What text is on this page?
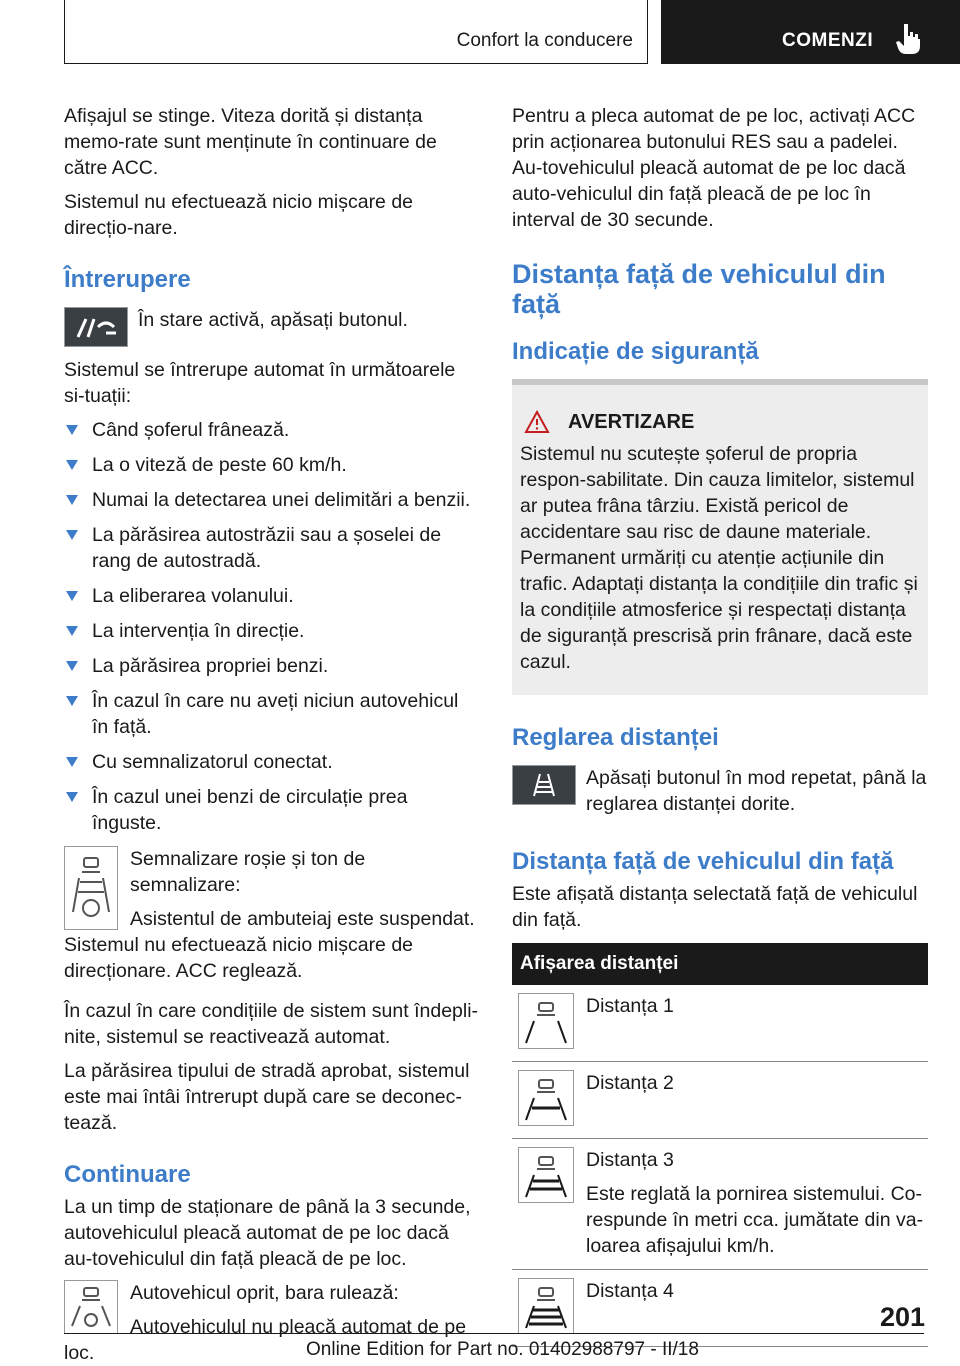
Confort la conducere	COMENZI

Afișajul se stinge. Viteza dorită și distanța memo-rate sunt menținute în continuare de către ACC.

Sistemul nu efectuează nicio mișcare de direcțio-nare.

Întrerupere
În stare activă, apăsați butonul.

Sistemul se întrerupe automat în următoarele si-tuații:

Când șoferul frânează.
La o viteză de peste 60 km/h.
Numai la detectarea unei delimitări a benzii.
La părăsirea autostrăzii sau a șoselei de rang de autostradă.
La eliberarea volanului.
La intervenția în direcție.
La părăsirea propriei benzi.
În cazul în care nu aveți niciun autovehicul în față.
Cu semnalizatorul conectat.
În cazul unei benzi de circulație prea înguste.

Semnalizare roșie și ton de semnalizare:

Asistentul de ambuteiaj este suspendat. Sistemul nu efectuează nicio mișcare de direcționare. ACC reglează.

În cazul în care condițiile de sistem sunt îndepli-nite, sistemul se reactivează automat.

La părăsirea tipului de stradă aprobat, sistemul este mai întâi întrerupt după care se deconec-tează.

Continuare

La un timp de staționare de până la 3 secunde, autovehiculul pleacă automat de pe loc dacă au-tovehiculul din față pleacă de pe loc.

Autovehicul oprit, bara rulează:

Autovehiculul nu pleacă automat de pe loc.

Pentru a pleca automat de pe loc, activați ACC prin acționarea butonului RES sau a padelei. Au-tovehiculul pleacă automat de pe loc dacă auto-vehiculul din față pleacă de pe loc în interval de 30 secunde.

Distanța față de vehiculul din față
Indicație de siguranță
AVERTIZARE
Sistemul nu scutește șoferul de propria respon-sabilitate. Din cauza limitelor, sistemul ar putea frâna târziu. Există pericol de accidentare sau risc de daune materiale. Permanent urmăriți cu atenție acțiunile din trafic. Adaptați distanța la condițiile din trafic și la condițiile atmosferice și respectați distanța de siguranță prescrisă prin frânare, dacă este cazul.
Reglarea distanței
Apăsați butonul în mod repetat, până la reglarea distanței dorite.
Distanța față de vehiculul din față

Este afișată distanța selectată față de vehiculul din față.

Afișarea distanței	

	Distanța 1

	Distanța 2

Distanța 3
Este reglată la pornirea sistemului. Co-respunde în metri cca. jumătate din va-loarea afișajului km/h.

	Distanța 4
201
Online Edition for Part no. 01402988797 - II/18
